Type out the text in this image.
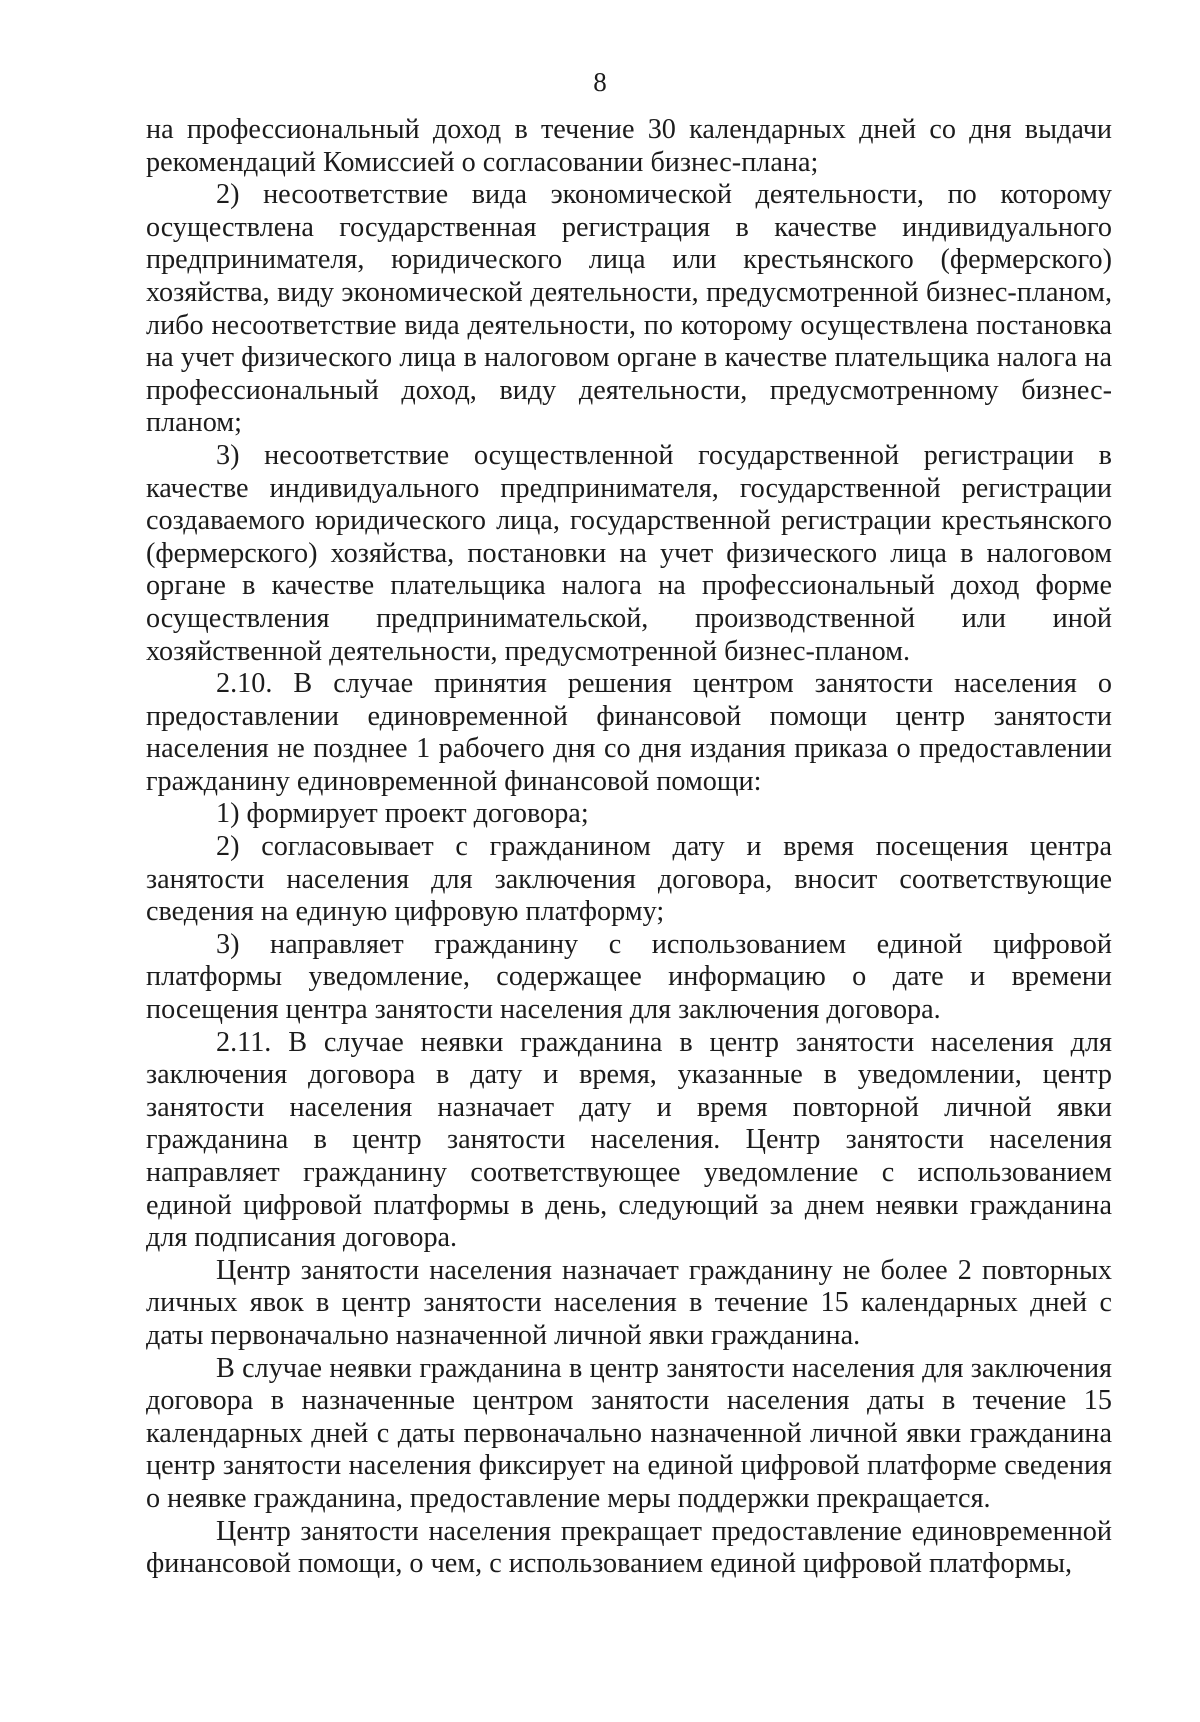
8

на профессиональный доход в течение 30 календарных дней со дня выдачи рекомендаций Комиссией о согласовании бизнес-плана;

2) несоответствие вида экономической деятельности, по которому осуществлена государственная регистрация в качестве индивидуального предпринимателя, юридического лица или крестьянского (фермерского) хозяйства, виду экономической деятельности, предусмотренной бизнес-планом, либо несоответствие вида деятельности, по которому осуществлена постановка на учет физического лица в налоговом органе в качестве плательщика налога на профессиональный доход, виду деятельности, предусмотренному бизнес-планом;

3) несоответствие осуществленной государственной регистрации в качестве индивидуального предпринимателя, государственной регистрации создаваемого юридического лица, государственной регистрации крестьянского (фермерского) хозяйства, постановки на учет физического лица в налоговом органе в качестве плательщика налога на профессиональный доход форме осуществления предпринимательской, производственной или иной хозяйственной деятельности, предусмотренной бизнес-планом.

2.10. В случае принятия решения центром занятости населения о предоставлении единовременной финансовой помощи центр занятости населения не позднее 1 рабочего дня со дня издания приказа о предоставлении гражданину единовременной финансовой помощи:

1) формирует проект договора;

2) согласовывает с гражданином дату и время посещения центра занятости населения для заключения договора, вносит соответствующие сведения на единую цифровую платформу;

3) направляет гражданину с использованием единой цифровой платформы уведомление, содержащее информацию о дате и времени посещения центра занятости населения для заключения договора.

2.11. В случае неявки гражданина в центр занятости населения для заключения договора в дату и время, указанные в уведомлении, центр занятости населения назначает дату и время повторной личной явки гражданина в центр занятости населения. Центр занятости населения направляет гражданину соответствующее уведомление с использованием единой цифровой платформы в день, следующий за днем неявки гражданина для подписания договора.

Центр занятости населения назначает гражданину не более 2 повторных личных явок в центр занятости населения в течение 15 календарных дней с даты первоначально назначенной личной явки гражданина.

В случае неявки гражданина в центр занятости населения для заключения договора в назначенные центром занятости населения даты в течение 15 календарных дней с даты первоначально назначенной личной явки гражданина центр занятости населения фиксирует на единой цифровой платформе сведения о неявке гражданина, предоставление меры поддержки прекращается.

Центр занятости населения прекращает предоставление единовременной финансовой помощи, о чем, с использованием единой цифровой платформы,
